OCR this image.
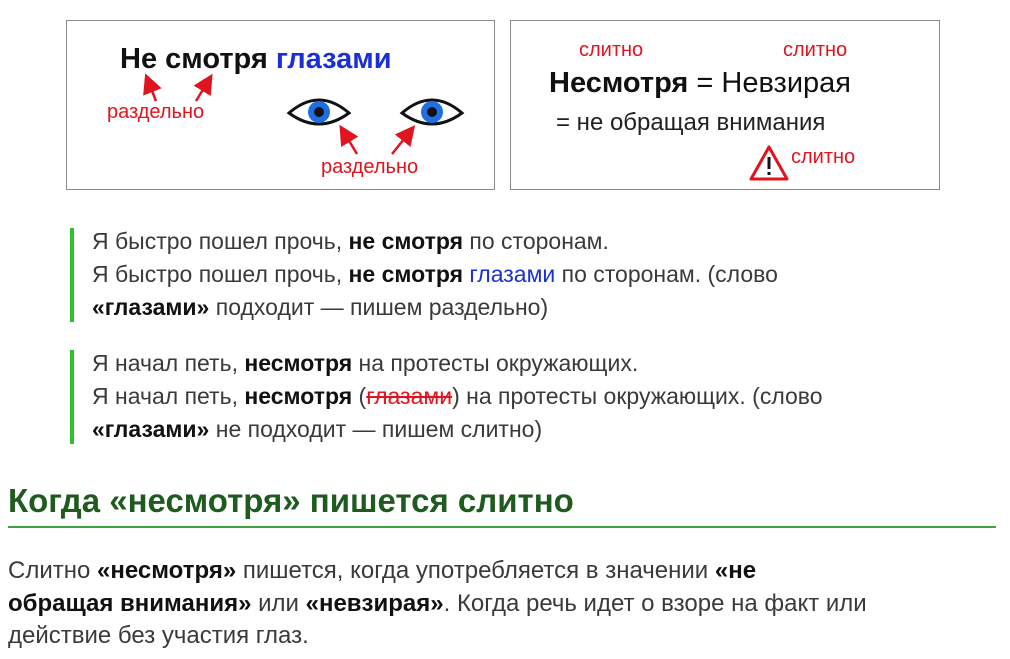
Не смотря глазами
раздельно
раздельно
слитно	слитно
Несмотря = Невзирая
= не обращая внимания
слитно
Я быстро пошел прочь, не смотря по сторонам.
Я быстро пошел прочь, не смотря глазами по сторонам. (слово
«глазами» подходит — пишем раздельно)
Я начал петь, несмотря на протесты окружающих.
Я начал петь, несмотря (глазами) на протесты окружающих. (слово
«глазами» не подходит — пишем слитно)
Когда «несмотря» пишется слитно
Слитно «несмотря» пишется, когда употребляется в значении «не
обращая внимания» или «невзирая». Когда речь идет о взоре на факт или
действие без участия глаз.
